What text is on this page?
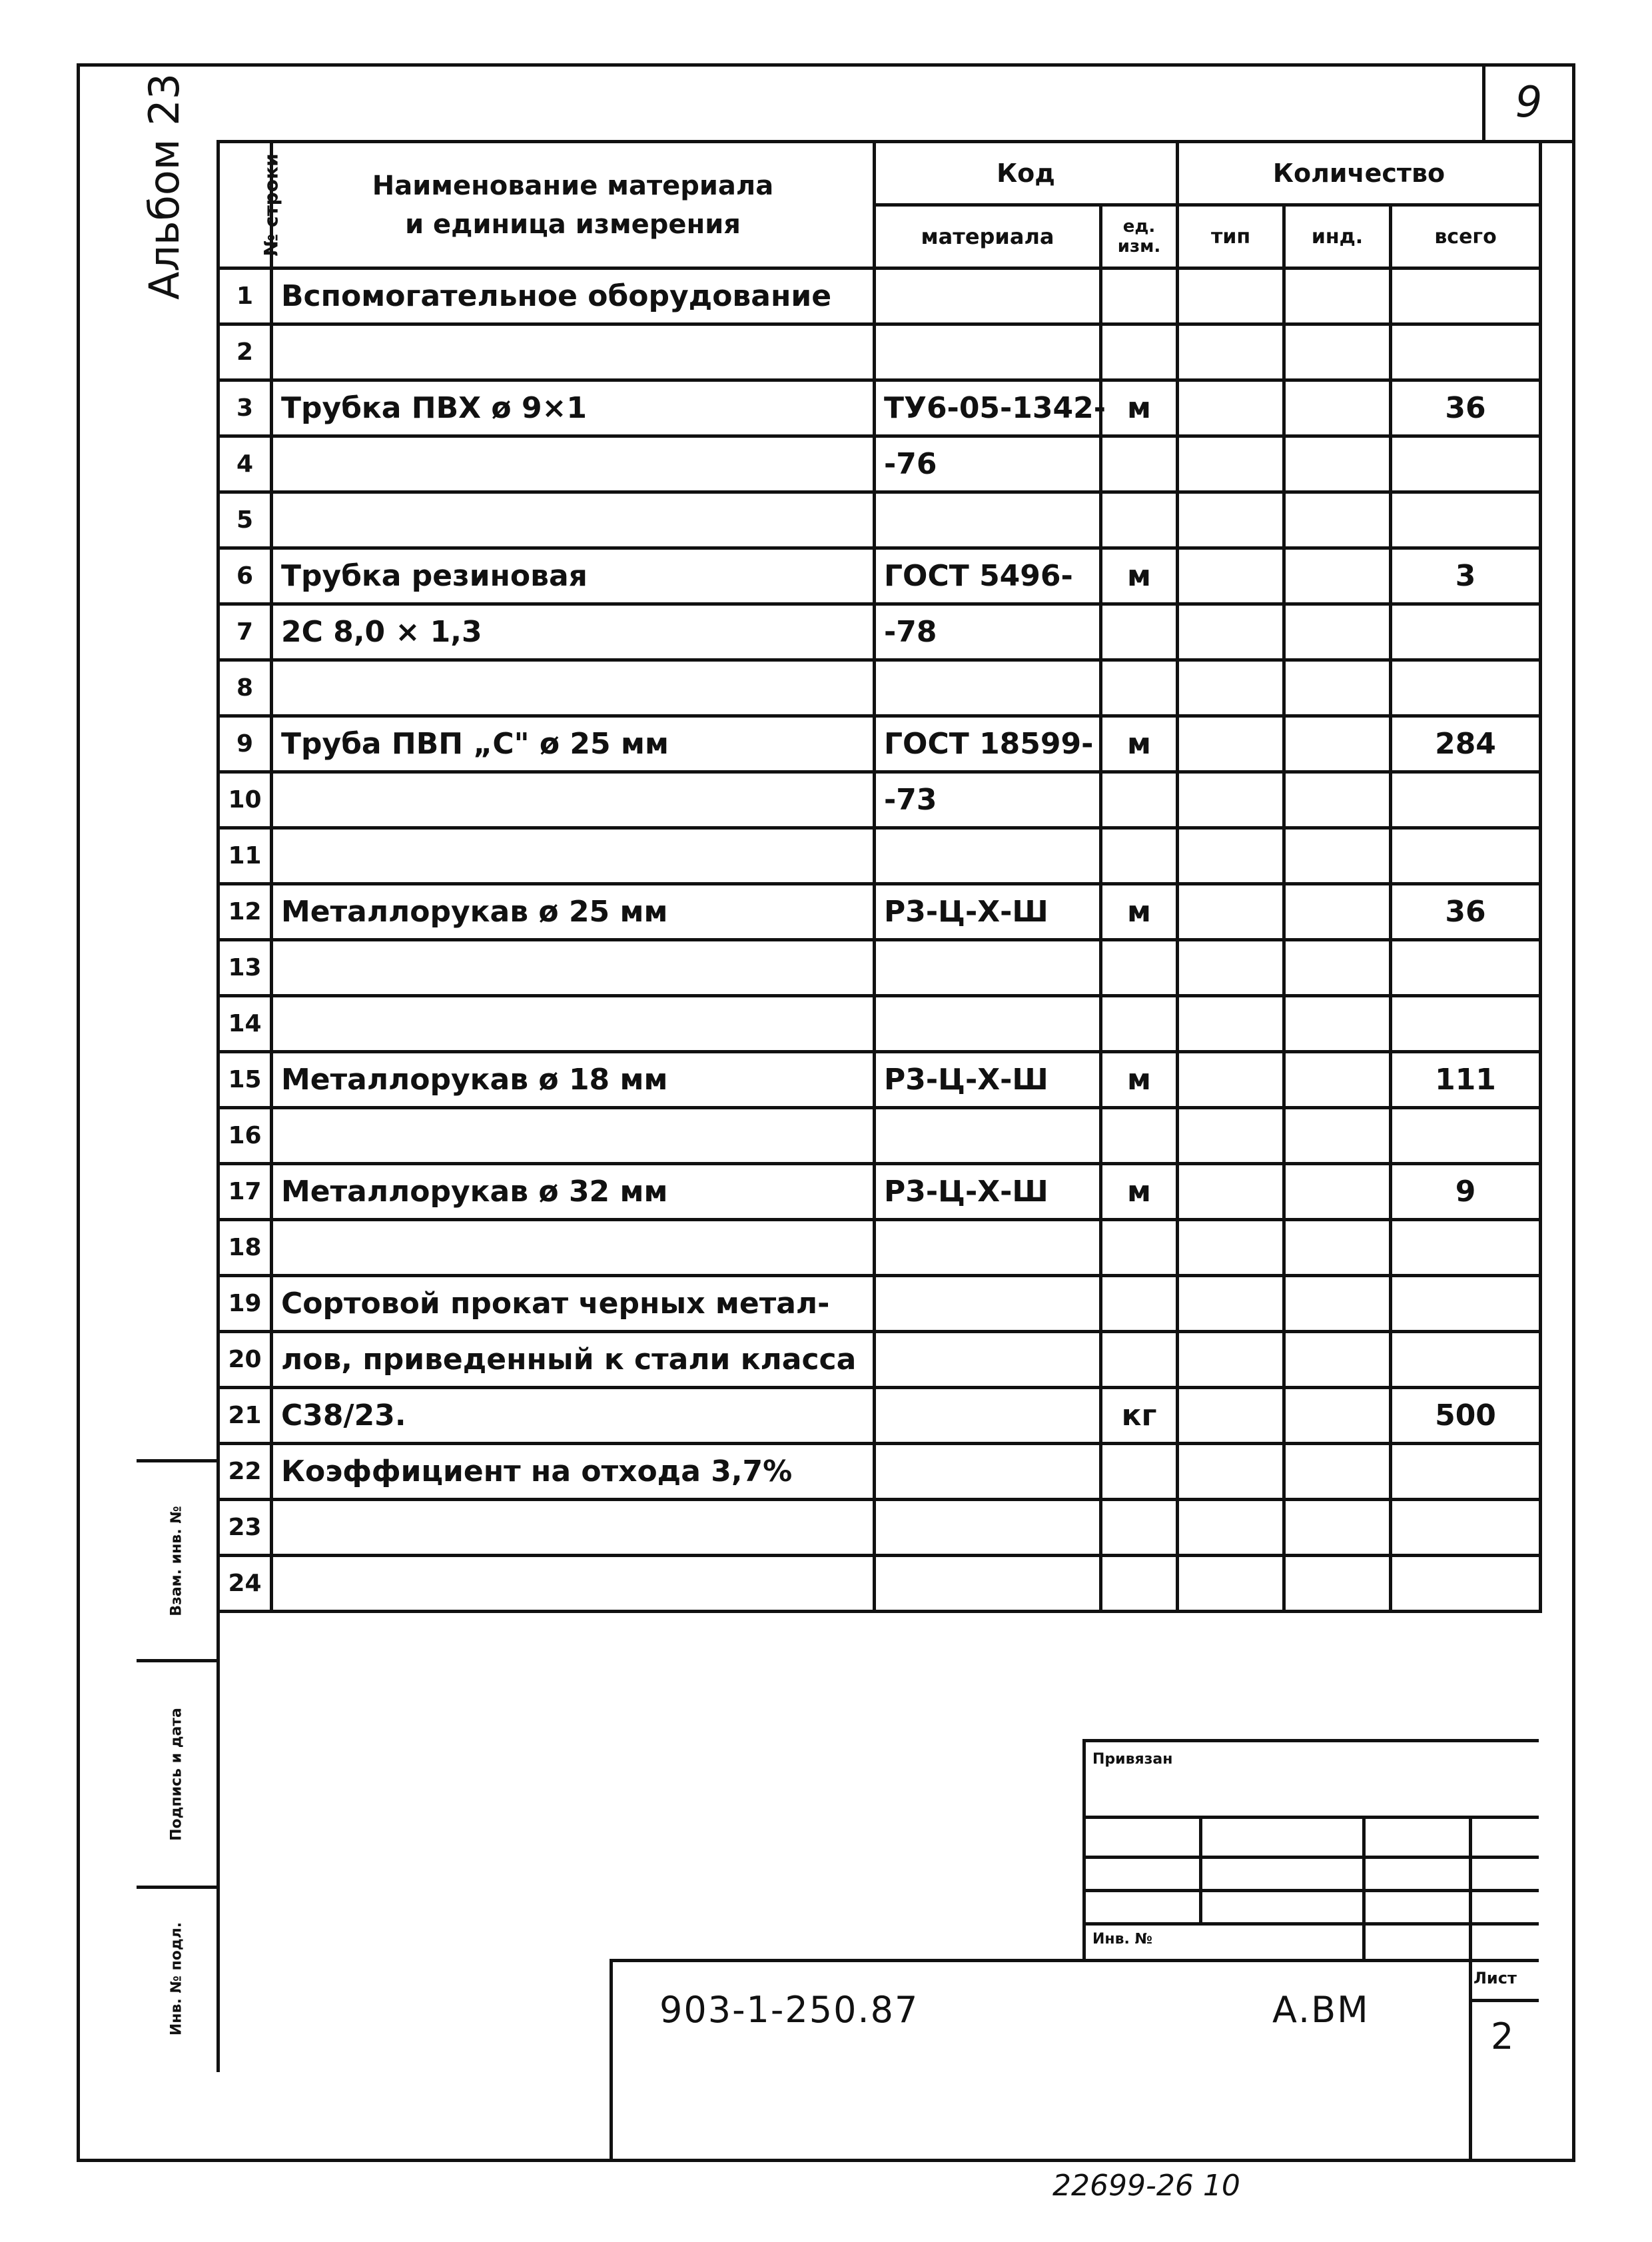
9
Альбом 23	№ строки	Наименование материала
и единица измерения	Код		Количество		
		материала	ед. изм.	тип	инд.	всего
1	Вспомогательное оборудование					
2						
3	Трубка ПВХ ø 9×1	ТУ6-05-1342-	м			36
4		-76				
5						
6	Трубка резиновая	ГОСТ 5496-	м			3
7	2С 8,0 × 1,3	-78				
8						
9	Труба ПВП „С" ø 25 мм	ГОСТ 18599-	м			284
10		-73				
11						
12	Металлорукав ø 25 мм	Р3-Ц-Х-Ш	м			36
13						
14						
15	Металлорукав ø 18 мм	Р3-Ц-Х-Ш	м			111
16						
17	Металлорукав ø 32 мм	Р3-Ц-Х-Ш	м			9
18						
19	Сортовой прокат черных метал-					
20	лов, приведенный к стали класса					
21	С38/23.		кг			500
22	Коэффициент на отхода 3,7%					
23						
24						
Взам. инв. №
Подпись и дата
Инв. № подл.
Привязан
Инв. №
903-1-250.87	А.ВМ
Лист
2
22699-26 10
